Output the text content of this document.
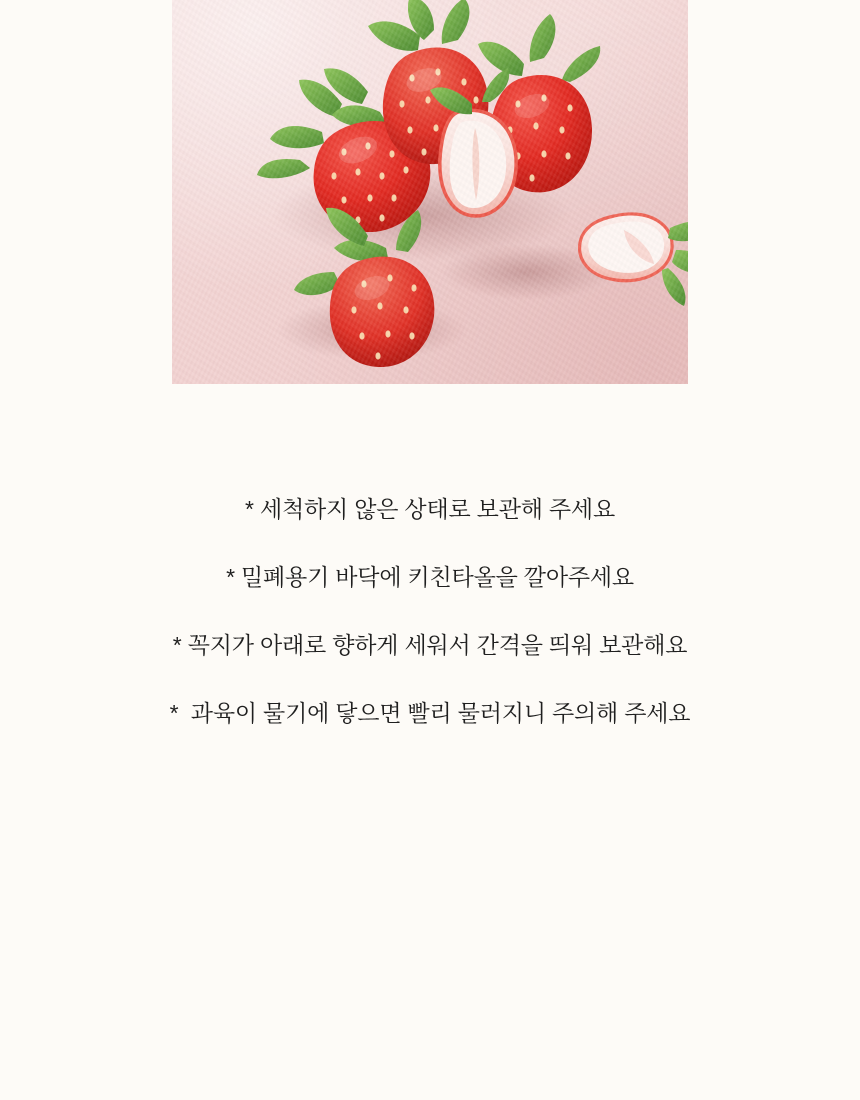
* 세척하지 않은 상태로 보관해 주세요

* 밀폐용기 바닥에 키친타올을 깔아주세요

* 꼭지가 아래로 향하게 세워서 간격을 띄워 보관해요

*  과육이 물기에 닿으면 빨리 물러지니 주의해 주세요
